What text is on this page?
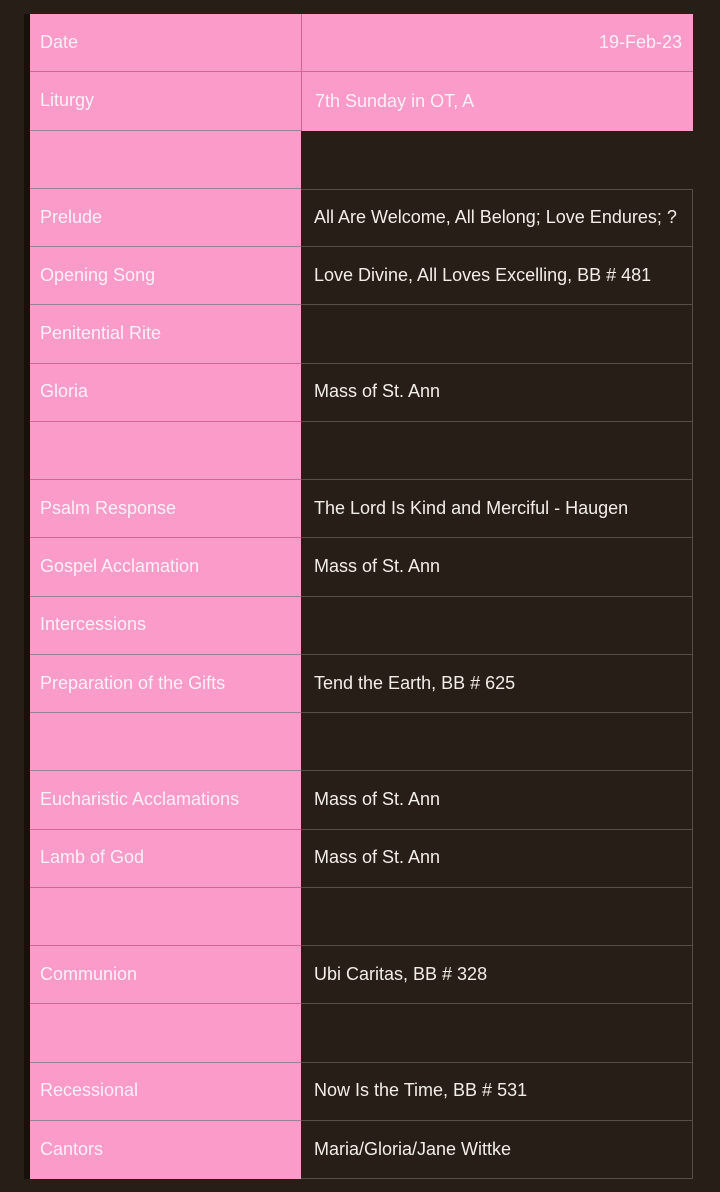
Date	19-Feb-23
Liturgy	7th Sunday in OT, A
Prelude	All Are Welcome, All Belong; Love Endures; ?
Opening Song	Love Divine, All Loves Excelling, BB # 481
Penitential Rite
Gloria	Mass of St. Ann
Psalm Response	The Lord Is Kind and Merciful - Haugen
Gospel Acclamation	Mass of St. Ann
Intercessions
Preparation of the Gifts	Tend the Earth, BB # 625
Eucharistic Acclamations	Mass of St. Ann
Lamb of God	Mass of St. Ann
Communion	Ubi Caritas, BB # 328
Recessional	Now Is the Time, BB # 531
Cantors	Maria/Gloria/Jane Wittke
